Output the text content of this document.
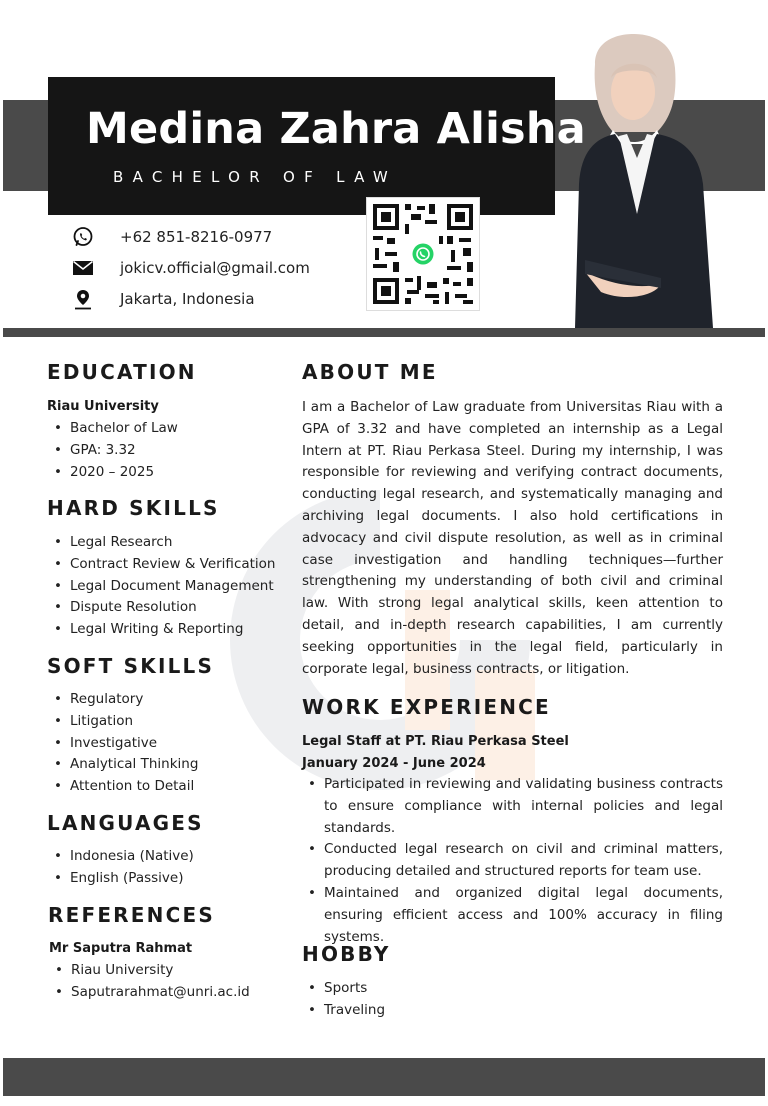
Medina Zahra Alisha
BACHELOR OF LAW
+62 851-8216-0977
jokicv.official@gmail.com
Jakarta, Indonesia
EDUCATION
Riau University
• Bachelor of Law
• GPA: 3.32
• 2020 – 2025
HARD SKILLS
• Legal Research
• Contract Review & Verification
• Legal Document Management
• Dispute Resolution
• Legal Writing & Reporting
SOFT SKILLS
• Regulatory
• Litigation
• Investigative
• Analytical Thinking
• Attention to Detail
LANGUAGES
• Indonesia (Native)
• English (Passive)
REFERENCES
Mr Saputra Rahmat
• Riau University
• Saputrarahmat@unri.ac.id
ABOUT ME

I am a Bachelor of Law graduate from Universitas Riau with a GPA of 3.32 and have completed an internship as a Legal Intern at PT. Riau Perkasa Steel. During my internship, I was responsible for reviewing and verifying contract documents, conducting legal research, and systematically managing and archiving legal documents. I also hold certifications in advocacy and civil dispute resolution, as well as in criminal case investigation and handling techniques—further strengthening my understanding of both civil and criminal law. With strong legal analytical skills, keen attention to detail, and in-depth research capabilities, I am currently seeking opportunities in the legal field, particularly in corporate legal, business contracts, or litigation.

WORK EXPERIENCE
Legal Staff at PT. Riau Perkasa Steel
January 2024 - June 2024
• Participated in reviewing and validating business contracts to ensure compliance with internal policies and legal standards.
• Conducted legal research on civil and criminal matters, producing detailed and structured reports for team use.
• Maintained and organized digital legal documents, ensuring efficient access and 100% accuracy in filing systems.
HOBBY
• Sports
• Traveling
